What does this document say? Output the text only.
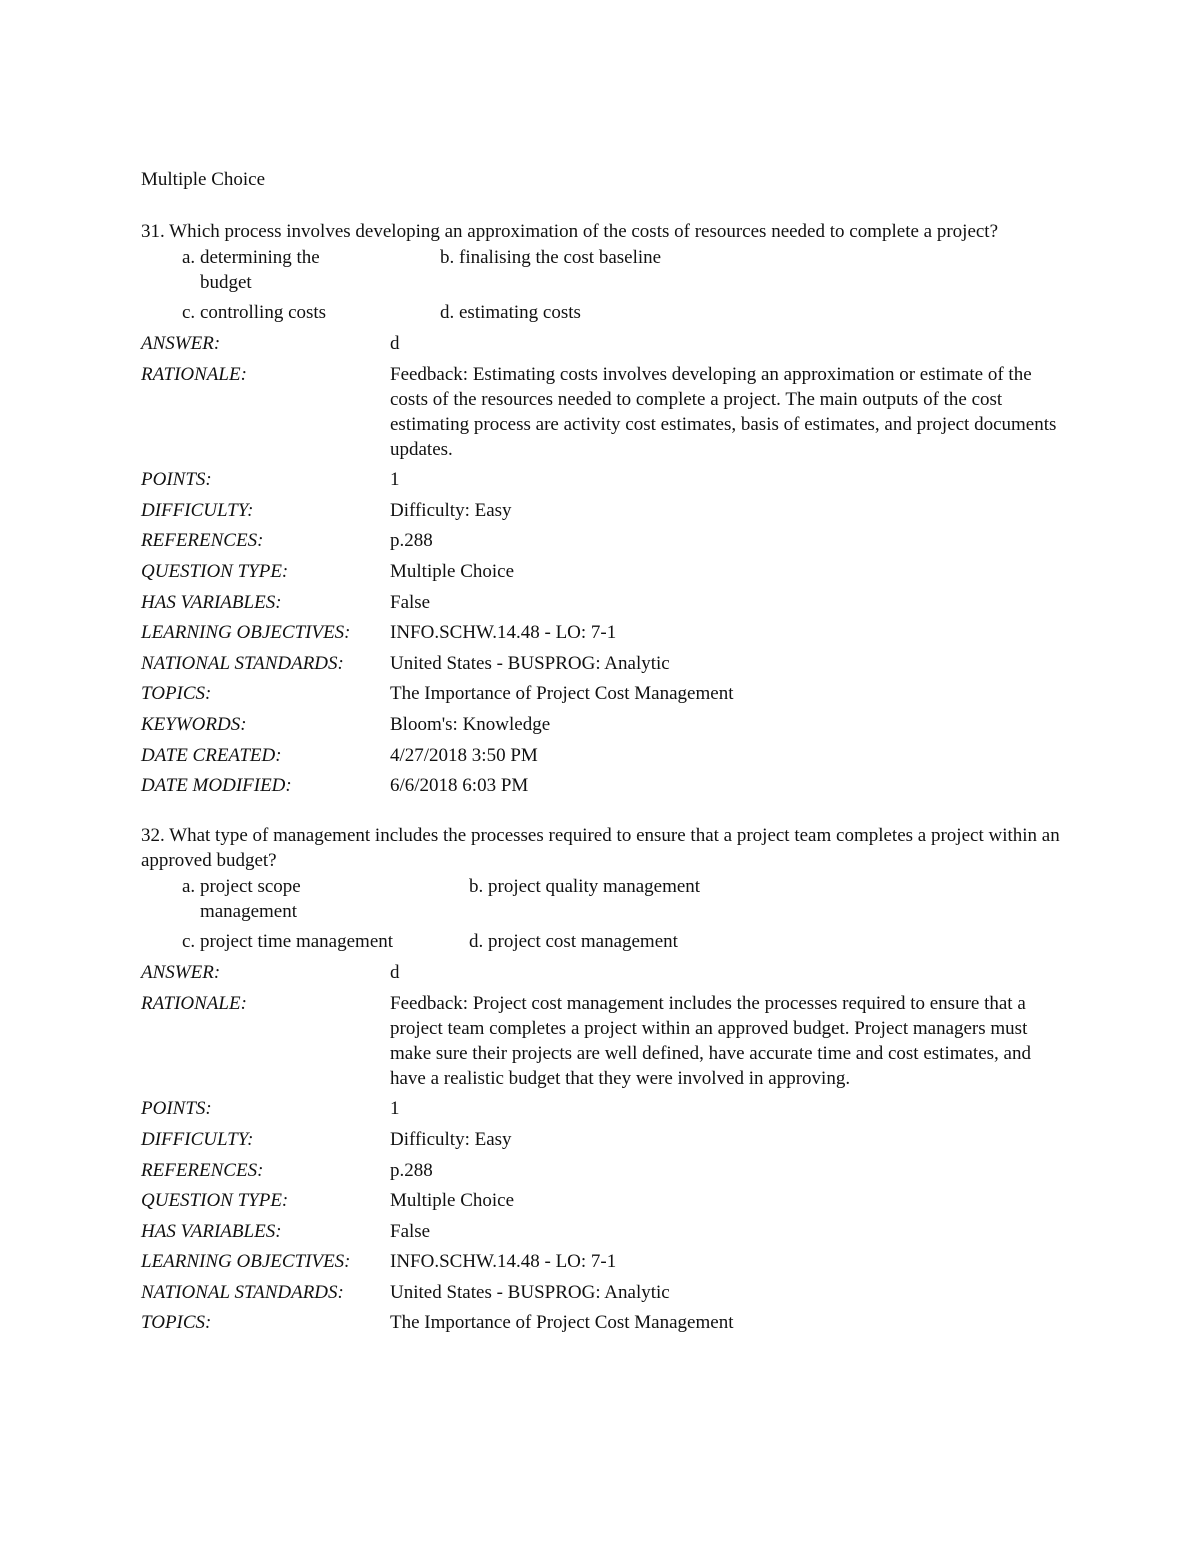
Multiple Choice

31. Which process involves developing an approximation of the costs of resources needed to complete a project?

a.
determining the budget
b.
finalising the cost baseline
c.
controlling costs	d.
estimating costs
ANSWER:	d
RATIONALE:	Feedback: Estimating costs involves developing an approximation or estimate of the costs of the resources needed to complete a project. The main outputs of the cost estimating process are activity cost estimates, basis of estimates, and project documents updates.
POINTS:	1
DIFFICULTY:	Difficulty: Easy
REFERENCES:	p.288
QUESTION TYPE:	Multiple Choice
HAS VARIABLES:	False
LEARNING OBJECTIVES:	INFO.SCHW.14.48 - LO: 7-1
NATIONAL STANDARDS:	United States - BUSPROG: Analytic
TOPICS:	The Importance of Project Cost Management
KEYWORDS:	Bloom's: Knowledge
DATE CREATED:	4/27/2018 3:50 PM
DATE MODIFIED:	6/6/2018 6:03 PM

32. What type of management includes the processes required to ensure that a project team completes a project within an approved budget?

a.
project scope management
b.
project quality management
c.
project time management	d.
project cost management
ANSWER:	d
RATIONALE:	Feedback: Project cost management includes the processes required to ensure that a project team completes a project within an approved budget. Project managers must make sure their projects are well defined, have accurate time and cost estimates, and have a realistic budget that they were involved in approving.
POINTS:	1
DIFFICULTY:	Difficulty: Easy
REFERENCES:	p.288
QUESTION TYPE:	Multiple Choice
HAS VARIABLES:	False
LEARNING OBJECTIVES:	INFO.SCHW.14.48 - LO: 7-1
NATIONAL STANDARDS:	United States - BUSPROG: Analytic
TOPICS:	The Importance of Project Cost Management
